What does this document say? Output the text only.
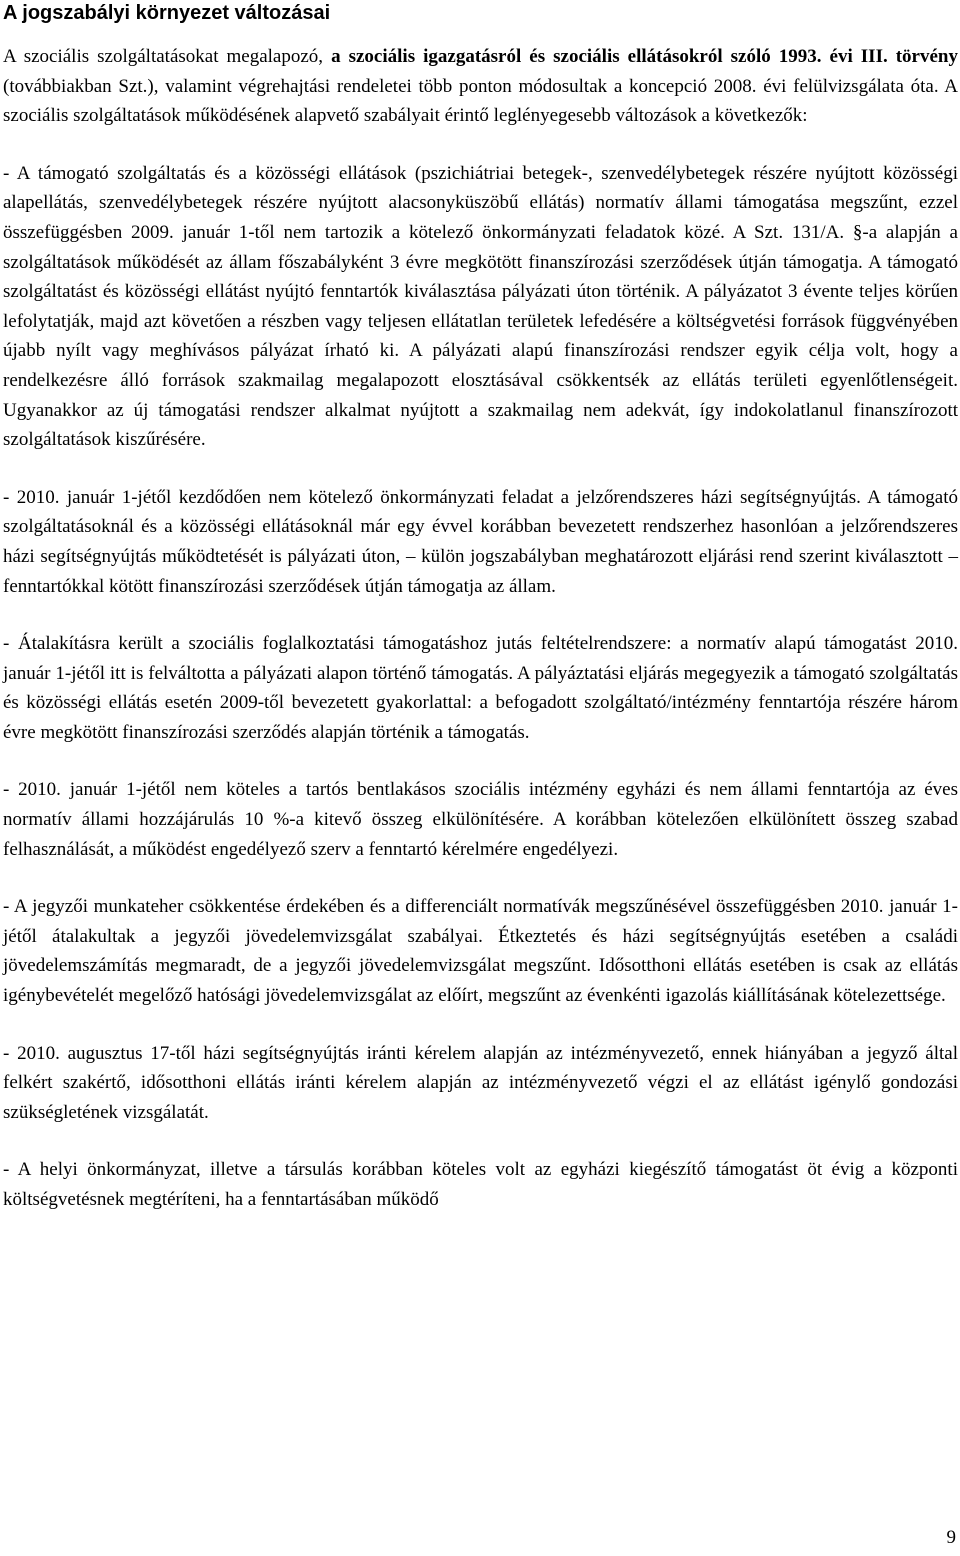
A jogszabályi környezet változásai

A szociális szolgáltatásokat megalapozó, a szociális igazgatásról és szociális ellátásokról szóló 1993. évi III. törvény (továbbiakban Szt.), valamint végrehajtási rendeletei több ponton módosultak a koncepció 2008. évi felülvizsgálata óta. A szociális szolgáltatások működésének alapvető szabályait érintő leglényegesebb változások a következők:

- A támogató szolgáltatás és a közösségi ellátások (pszichiátriai betegek-, szenvedélybetegek részére nyújtott közösségi alapellátás, szenvedélybetegek részére nyújtott alacsonyküszöbű ellátás) normatív állami támogatása megszűnt, ezzel összefüggésben 2009. január 1-től nem tartozik a kötelező önkormányzati feladatok közé. A Szt. 131/A. §-a alapján a szolgáltatások működését az állam főszabályként 3 évre megkötött finanszírozási szerződések útján támogatja. A támogató szolgáltatást és közösségi ellátást nyújtó fenntartók kiválasztása pályázati úton történik. A pályázatot 3 évente teljes körűen lefolytatják, majd azt követően a részben vagy teljesen ellátatlan területek lefedésére a költségvetési források függvényében újabb nyílt vagy meghívásos pályázat írható ki. A pályázati alapú finanszírozási rendszer egyik célja volt, hogy a rendelkezésre álló források szakmailag megalapozott elosztásával csökkentsék az ellátás területi egyenlőtlenségeit. Ugyanakkor az új támogatási rendszer alkalmat nyújtott a szakmailag nem adekvát, így indokolatlanul finanszírozott szolgáltatások kiszűrésére.

- 2010. január 1-jétől kezdődően nem kötelező önkormányzati feladat a jelzőrendszeres házi segítségnyújtás. A támogató szolgáltatásoknál és a közösségi ellátásoknál már egy évvel korábban bevezetett rendszerhez hasonlóan a jelzőrendszeres házi segítségnyújtás működtetését is pályázati úton, – külön jogszabályban meghatározott eljárási rend szerint kiválasztott – fenntartókkal kötött finanszírozási szerződések útján támogatja az állam.

- Átalakításra került a szociális foglalkoztatási támogatáshoz jutás feltételrendszere: a normatív alapú támogatást 2010. január 1-jétől itt is felváltotta a pályázati alapon történő támogatás. A pályáztatási eljárás megegyezik a támogató szolgáltatás és közösségi ellátás esetén 2009-től bevezetett gyakorlattal: a befogadott szolgáltató/intézmény fenntartója részére három évre megkötött finanszírozási szerződés alapján történik a támogatás.

- 2010. január 1-jétől nem köteles a tartós bentlakásos szociális intézmény egyházi és nem állami fenntartója az éves normatív állami hozzájárulás 10 %-a kitevő összeg elkülönítésére. A korábban kötelezően elkülönített összeg szabad felhasználását, a működést engedélyező szerv a fenntartó kérelmére engedélyezi.

- A jegyzői munkateher csökkentése érdekében és a differenciált normatívák megszűnésével összefüggésben 2010. január 1-jétől átalakultak a jegyzői jövedelemvizsgálat szabályai. Étkeztetés és házi segítségnyújtás esetében a családi jövedelemszámítás megmaradt, de a jegyzői jövedelemvizsgálat megszűnt. Idősotthoni ellátás esetében is csak az ellátás igénybevételét megelőző hatósági jövedelemvizsgálat az előírt, megszűnt az évenkénti igazolás kiállításának kötelezettsége.

- 2010. augusztus 17-től házi segítségnyújtás iránti kérelem alapján az intézményvezető, ennek hiányában a jegyző által felkért szakértő, idősotthoni ellátás iránti kérelem alapján az intézményvezető végzi el az ellátást igénylő gondozási szükségletének vizsgálatát.

- A helyi önkormányzat, illetve a társulás korábban köteles volt az egyházi kiegészítő támogatást öt évig a központi költségvetésnek megtéríteni, ha a fenntartásában működő

9
